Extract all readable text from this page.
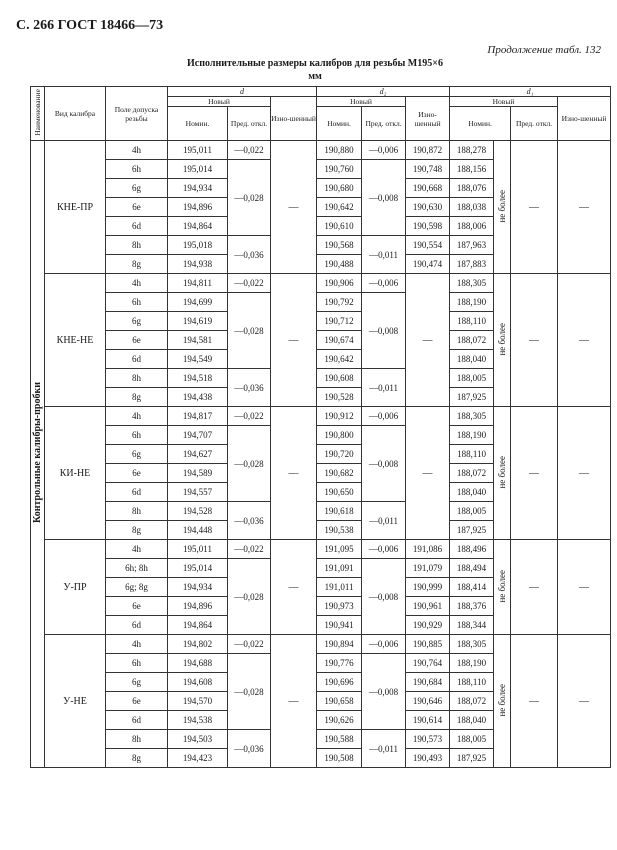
С. 266 ГОСТ 18466—73
Продолжение табл. 132
Исполнительные размеры калибров для резьбы М195×6
мм
Наименование	Вид калибра	Поле допуска резьбы	d			d₂			d₁			
			Новый		Изно-шенный	Новый		Изно-шенный	Новый			Изно-шенный
			Номин.	Пред. откл.		Номин.	Пред. откл.		Номин.		Пред. откл.	
Контрольные калибры-пробки	КНЕ-ПР	4h	195,011	—0,022	—	190,880	—0,006	190,872	188,278	не более	—	—
		6h	195,014	—0,028		190,760	—0,008	190,748	188,156			
		6g	194,934			190,680		190,668	188,076			
		6e	194,896			190,642		190,630	188,038			
		6d	194,864			190,610		190,598	188,006			
		8h	195,018	—0,036		190,568	—0,011	190,554	187,963			
		8g	194,938			190,488		190,474	187,883			
	КНЕ-НЕ	4h	194,811	—0,022	—	190,906	—0,006	—	188,305	не более	—	—
		6h	194,699	—0,028		190,792	—0,008		188,190			
		6g	194,619			190,712			188,110			
		6e	194,581			190,674			188,072			
		6d	194,549			190,642			188,040			
		8h	194,518	—0,036		190,608	—0,011		188,005			
		8g	194,438			190,528			187,925			
	КИ-НЕ	4h	194,817	—0,022	—	190,912	—0,006	—	188,305	не более	—	—
		6h	194,707	—0,028		190,800	—0,008		188,190			
		6g	194,627			190,720			188,110			
		6e	194,589			190,682			188,072			
		6d	194,557			190,650			188,040			
		8h	194,528	—0,036		190,618	—0,011		188,005			
		8g	194,448			190,538			187,925			
	У-ПР	4h	195,011	—0,022	—	191,095	—0,006	191,086	188,496	не более	—	—
		6h; 8h	195,014	—0,028		191,091	—0,008	191,079	188,494			
		6g; 8g	194,934			191,011		190,999	188,414			
		6e	194,896			190,973		190,961	188,376			
		6d	194,864			190,941		190,929	188,344			
	У-НЕ	4h	194,802	—0,022	—	190,894	—0,006	190,885	188,305	не более	—	—
		6h	194,688	—0,028		190,776	—0,008	190,764	188,190			
		6g	194,608			190,696		190,684	188,110			
		6e	194,570			190,658		190,646	188,072			
		6d	194,538			190,626		190,614	188,040			
		8h	194,503	—0,036		190,588	—0,011	190,573	188,005			
		8g	194,423			190,508		190,493	187,925			
